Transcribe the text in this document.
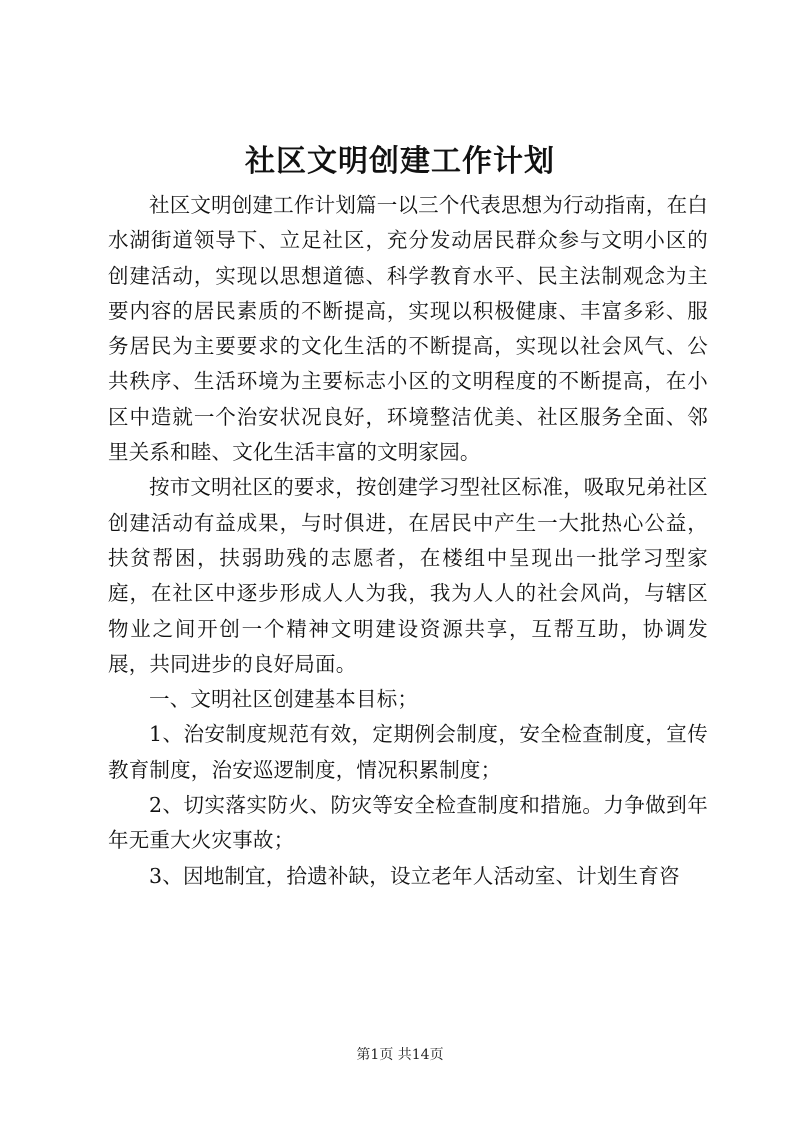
社区文明创建工作计划

社区文明创建工作计划篇一以三个代表思想为行动指南，在白水湖街道领导下、立足社区，充分发动居民群众参与文明小区的创建活动，实现以思想道德、科学教育水平、民主法制观念为主要内容的居民素质的不断提高，实现以积极健康、丰富多彩、服务居民为主要要求的文化生活的不断提高，实现以社会风气、公共秩序、生活环境为主要标志小区的文明程度的不断提高，在小区中造就一个治安状况良好，环境整洁优美、社区服务全面、邻里关系和睦、文化生活丰富的文明家园。

按市文明社区的要求，按创建学习型社区标准，吸取兄弟社区创建活动有益成果，与时俱进，在居民中产生一大批热心公益，扶贫帮困，扶弱助残的志愿者，在楼组中呈现出一批学习型家庭，在社区中逐步形成人人为我，我为人人的社会风尚，与辖区物业之间开创一个精神文明建设资源共享，互帮互助，协调发展，共同进步的良好局面。

一、文明社区创建基本目标；

1、治安制度规范有效，定期例会制度，安全检查制度，宣传教育制度，治安巡逻制度，情况积累制度；

2、切实落实防火、防灾等安全检查制度和措施。力争做到年年无重大火灾事故；

3、因地制宜，拾遗补缺，设立老年人活动室、计划生育咨

第1页 共14页
